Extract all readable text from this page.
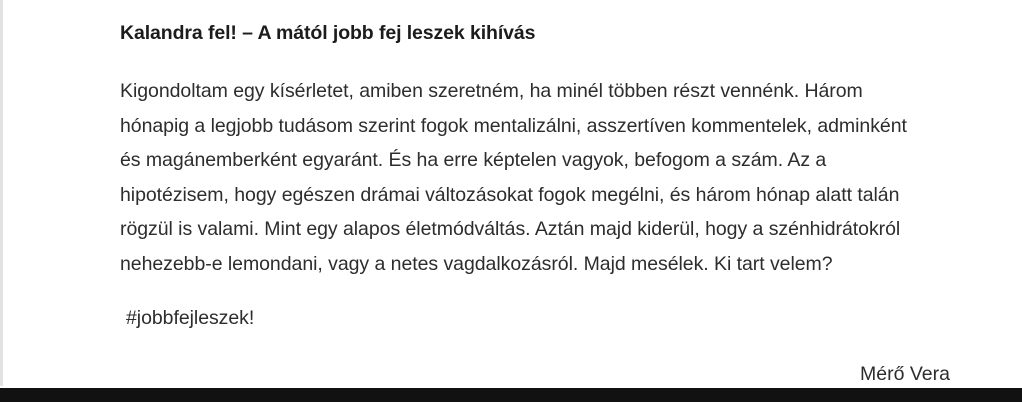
Kalandra fel! – A mától jobb fej leszek kihívás

Kigondoltam egy kísérletet, amiben szeretném, ha minél többen részt vennénk. Három hónapig a legjobb tudásom szerint fogok mentalizálni, asszertíven kommentelek, adminként és magánemberként egyaránt. És ha erre képtelen vagyok, befogom a szám. Az a hipotézisem, hogy egészen drámai változásokat fogok megélni, és három hónap alatt talán rögzül is valami. Mint egy alapos életmódváltás. Aztán majd kiderül, hogy a szénhidrátokról nehezebb-e lemondani, vagy a netes vagdalkozásról. Majd mesélek. Ki tart velem?

#jobbfejleszek!

Mérő Vera
